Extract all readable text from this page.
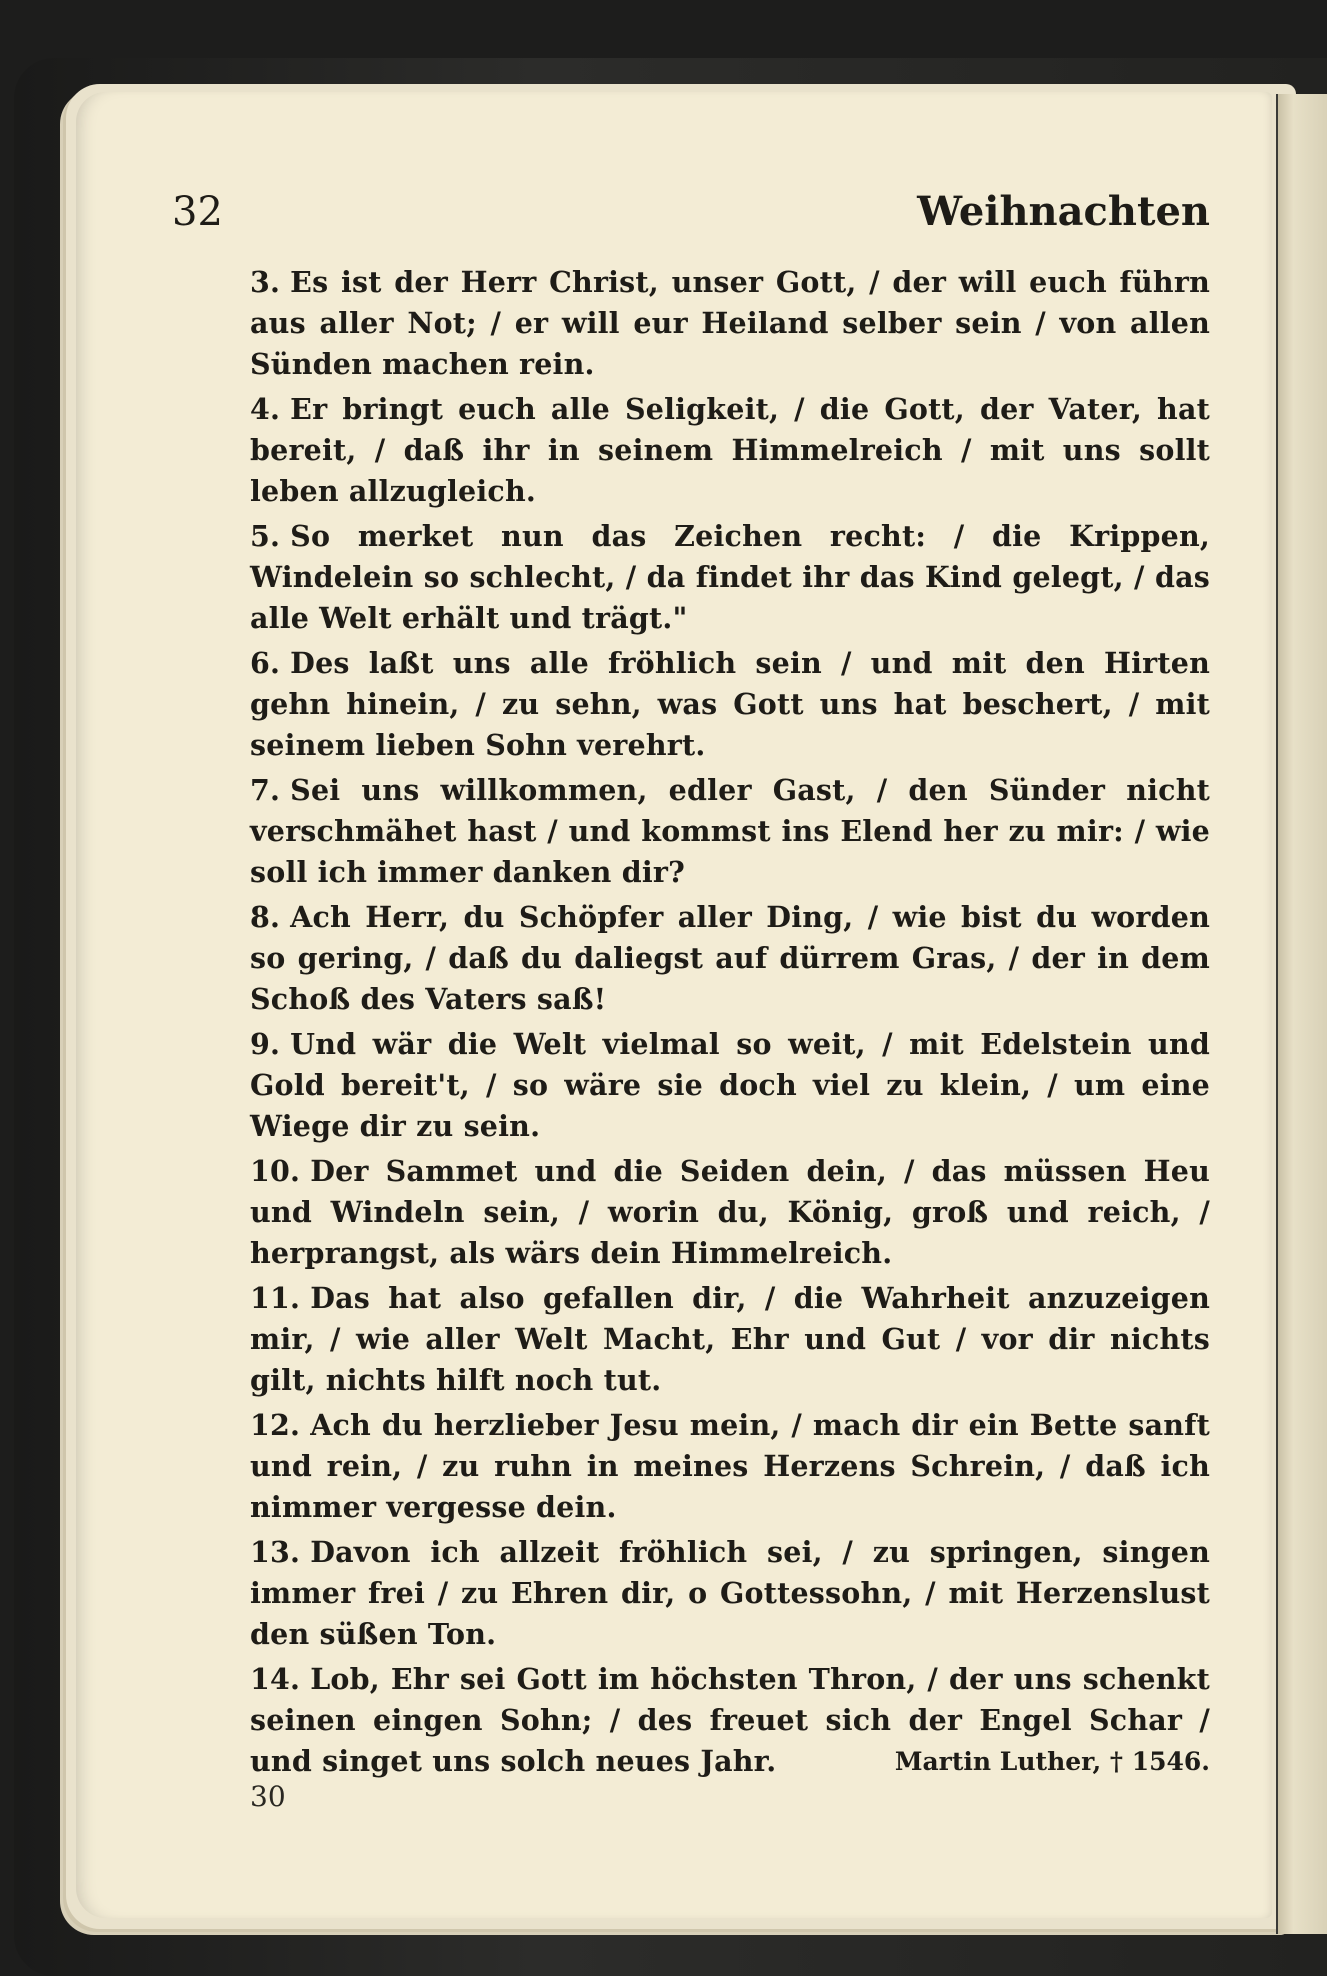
32	Weihnachten

3. Es ist der Herr Christ, unser Gott, / der will euch führn aus aller Not; / er will eur Heiland selber sein / von allen Sünden machen rein.

4. Er bringt euch alle Seligkeit, / die Gott, der Vater, hat bereit, / daß ihr in seinem Himmelreich / mit uns sollt leben allzugleich.

5. So merket nun das Zeichen recht: / die Krippen, Windelein so schlecht, / da findet ihr das Kind gelegt, / das alle Welt erhält und trägt."

6. Des laßt uns alle fröhlich sein / und mit den Hirten gehn hinein, / zu sehn, was Gott uns hat beschert, / mit seinem lieben Sohn verehrt.

7. Sei uns willkommen, edler Gast, / den Sünder nicht verschmähet hast / und kommst ins Elend her zu mir: / wie soll ich immer danken dir?

8. Ach Herr, du Schöpfer aller Ding, / wie bist du worden so gering, / daß du daliegst auf dürrem Gras, / der in dem Schoß des Vaters saß!

9. Und wär die Welt vielmal so weit, / mit Edelstein und Gold bereit't, / so wäre sie doch viel zu klein, / um eine Wiege dir zu sein.

10. Der Sammet und die Seiden dein, / das müssen Heu und Windeln sein, / worin du, König, groß und reich, / herprangst, als wärs dein Himmelreich.

11. Das hat also gefallen dir, / die Wahrheit anzuzeigen mir, / wie aller Welt Macht, Ehr und Gut / vor dir nichts gilt, nichts hilft noch tut.

12. Ach du herzlieber Jesu mein, / mach dir ein Bette sanft und rein, / zu ruhn in meines Herzens Schrein, / daß ich nimmer vergesse dein.

13. Davon ich allzeit fröhlich sei, / zu springen, singen immer frei / zu Ehren dir, o Gottessohn, / mit Herzenslust den süßen Ton.

14. Lob, Ehr sei Gott im höchsten Thron, / der uns schenkt seinen eingen Sohn; / des freuet sich der Engel Schar / und singet uns solch neues Jahr.	Martin Luther, † 1546.

30
